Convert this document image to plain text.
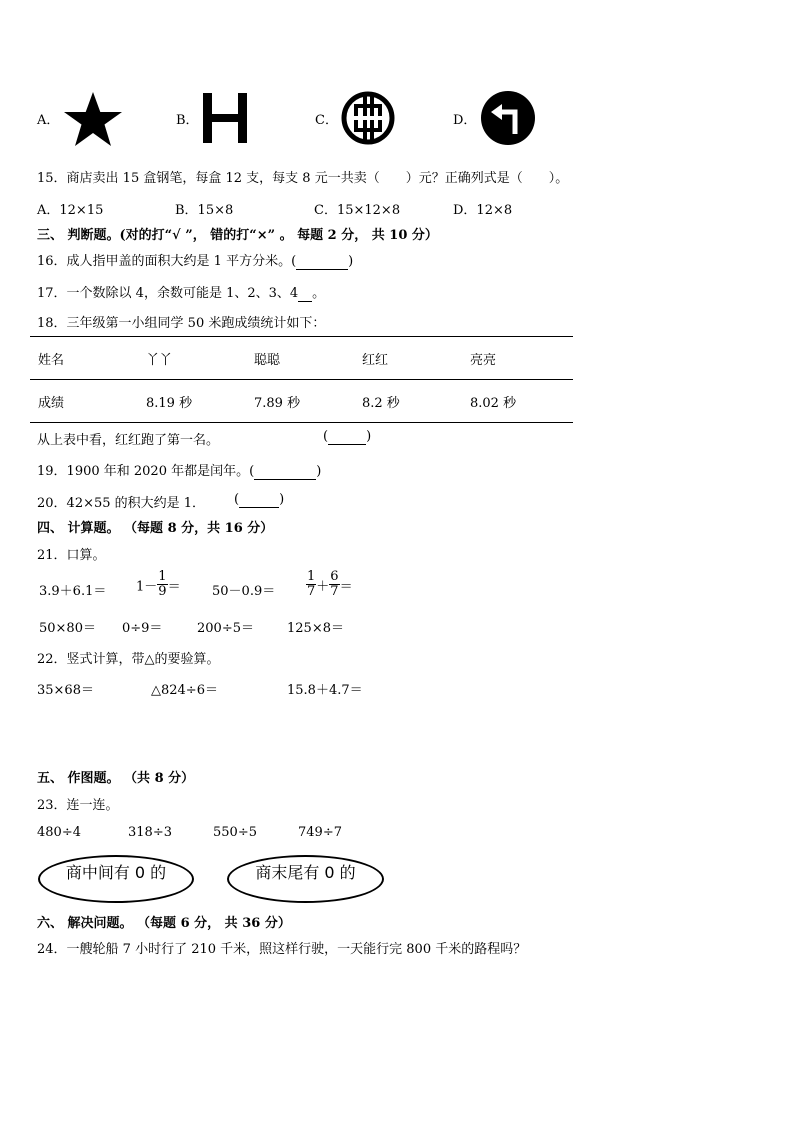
A．	B．	C．	D．
15．商店卖出 15 盒钢笔，每盒 12 支，每支 8 元一共卖（　　）元？正确列式是（　　）。
A．12×15	B．15×8	C．15×12×8	D．12×8
三、 判断题。(对的打“√ ”， 错的打“×” 。 每题 2 分， 共 10 分）
16．成人指甲盖的面积大约是 1 平方分米。(	)
17．一个数除以 4，余数可能是 1、2、3、4 。
18．三年级第一小组同学 50 米跑成绩统计如下：
姓名	丫丫	聪聪	红红	亮亮
成绩	8.19 秒	7.89 秒	8.2 秒	8.02 秒
从上表中看，红红跑了第一名。	(	)
19．1900 年和 2020 年都是闰年。(	)
20．42×55 的积大约是 1． (	)
四、 计算题。 （每题 8 分，共 16 分）
21．口算。
$3.9+6.1= 1- \frac{1}{9} = 50-0.9= \frac{1}{7} + \frac{6}{7}$ ＝
50×80＝ 0÷9＝	200÷5＝	125×8＝
22．竖式计算，带△的要验算。
35×68＝	△824÷6＝	15.8＋4.7＝
五、 作图题。 （共 8 分）
23．连一连。
480÷4	318÷3	550÷5	749÷7
商中间有 0 的	商末尾有 0 的
六、 解决问题。 （每题 6 分， 共 36 分）
24．一艘轮船 7 小时行了 210 千米，照这样行驶，一天能行完 800 千米的路程吗？
